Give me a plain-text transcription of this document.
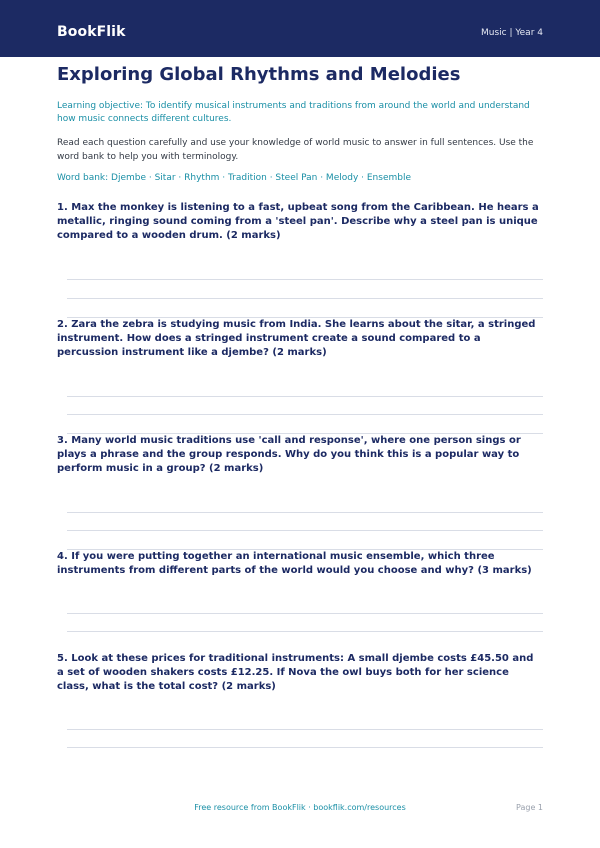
BookFlik	Music | Year 4
Exploring Global Rhythms and Melodies
Learning objective: To identify musical instruments and traditions from around the world and understand how music connects different cultures.
Read each question carefully and use your knowledge of world music to answer in full sentences. Use the word bank to help you with terminology.
Word bank: Djembe · Sitar · Rhythm · Tradition · Steel Pan · Melody · Ensemble
1. Max the monkey is listening to a fast, upbeat song from the Caribbean. He hears a metallic, ringing sound coming from a 'steel pan'. Describe why a steel pan is unique compared to a wooden drum. (2 marks)
2. Zara the zebra is studying music from India. She learns about the sitar, a stringed instrument. How does a stringed instrument create a sound compared to a percussion instrument like a djembe? (2 marks)
3. Many world music traditions use 'call and response', where one person sings or plays a phrase and the group responds. Why do you think this is a popular way to perform music in a group? (2 marks)
4. If you were putting together an international music ensemble, which three instruments from different parts of the world would you choose and why? (3 marks)
5. Look at these prices for traditional instruments: A small djembe costs £45.50 and a set of wooden shakers costs £12.25. If Nova the owl buys both for her science class, what is the total cost? (2 marks)
Free resource from BookFlik · bookflik.com/resources	Page 1
